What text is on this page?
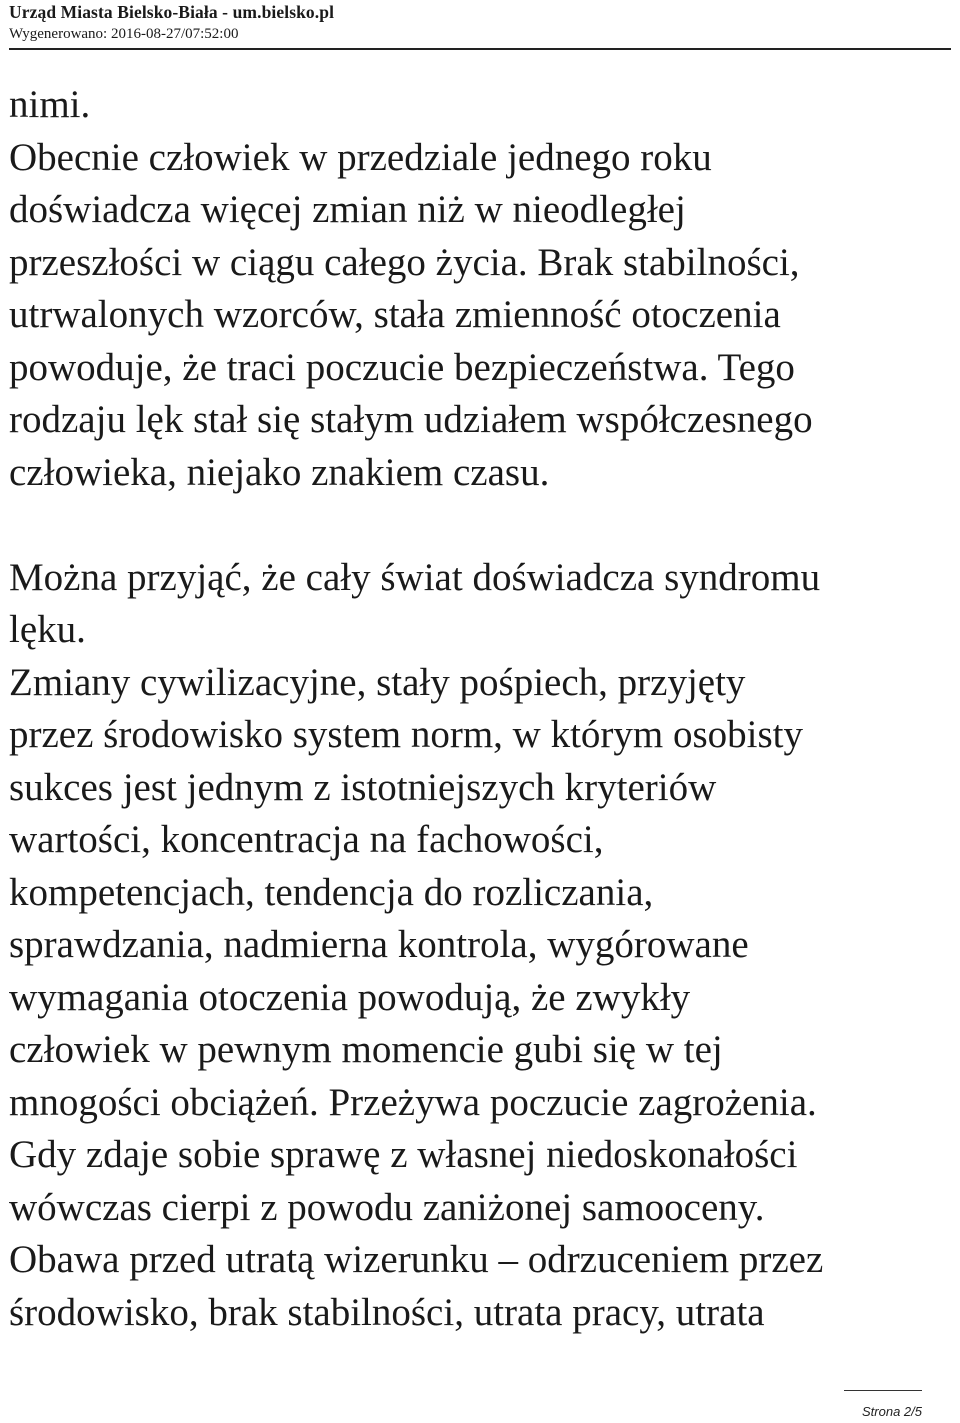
Urząd Miasta Bielsko-Biała - um.bielsko.pl
Wygenerowano: 2016-08-27/07:52:00
nimi.
Obecnie człowiek w przedziale jednego roku
doświadcza więcej zmian niż w nieodległej
przeszłości w ciągu całego życia. Brak stabilności,
utrwalonych wzorców, stała zmienność otoczenia
powoduje, że traci poczucie bezpieczeństwa. Tego
rodzaju lęk stał się stałym udziałem współczesnego
człowieka, niejako znakiem czasu.
Można przyjąć, że cały świat doświadcza syndromu
lęku.
Zmiany cywilizacyjne, stały pośpiech, przyjęty
przez środowisko system norm, w którym osobisty
sukces jest jednym z istotniejszych kryteriów
wartości, koncentracja na fachowości,
kompetencjach, tendencja do rozliczania,
sprawdzania, nadmierna kontrola, wygórowane
wymagania otoczenia powodują, że zwykły
człowiek w pewnym momencie gubi się w tej
mnogości obciążeń. Przeżywa poczucie zagrożenia.
Gdy zdaje sobie sprawę z własnej niedoskonałości
wówczas cierpi z powodu zaniżonej samooceny.
Obawa przed utratą wizerunku – odrzuceniem przez
środowisko, brak stabilności, utrata pracy, utrata
Strona 2/5
